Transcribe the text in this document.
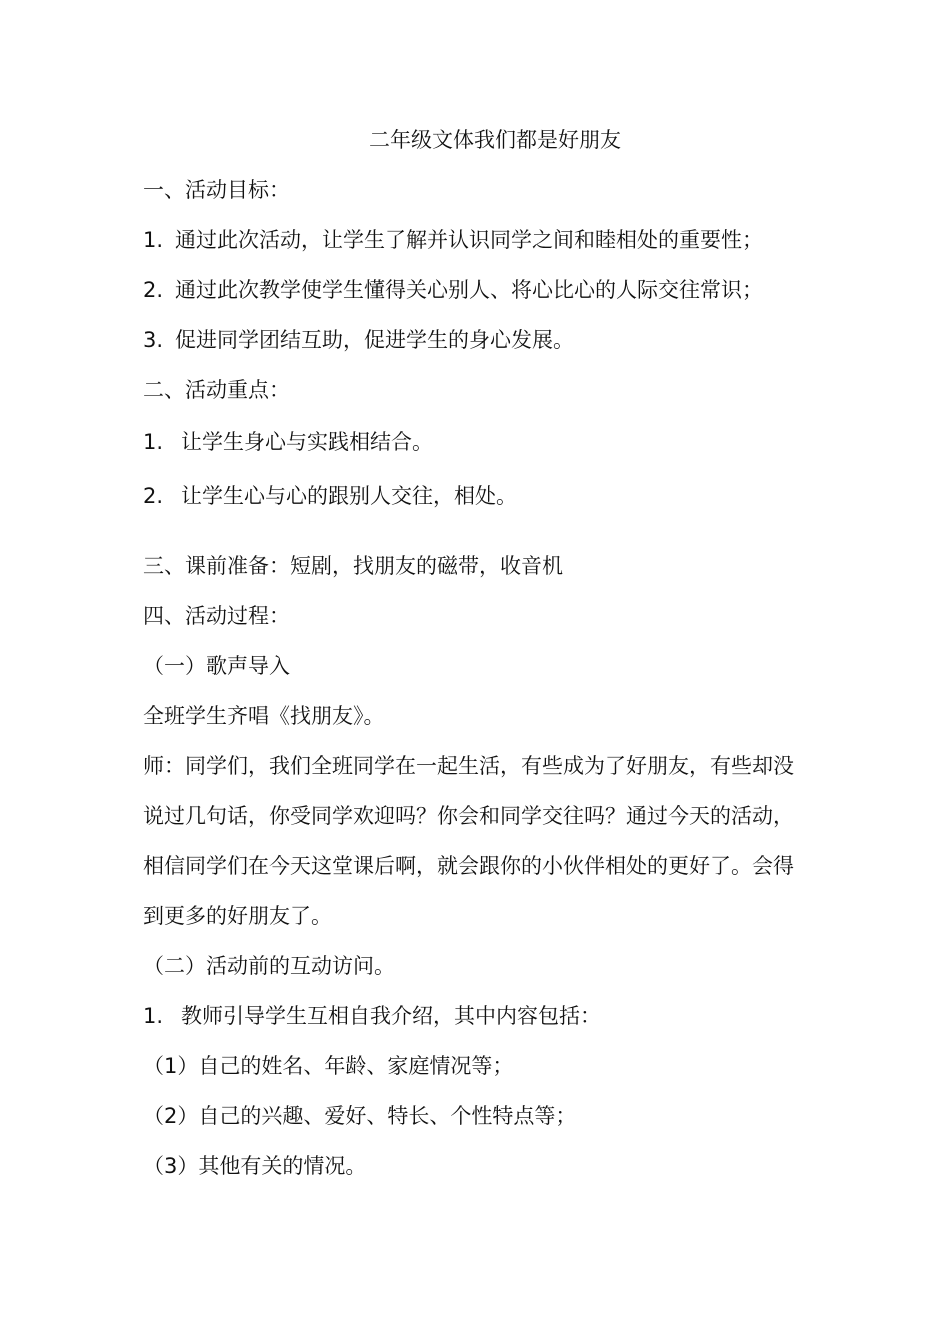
二年级文体我们都是好朋友
一、活动目标：
1. 通过此次活动，让学生了解并认识同学之间和睦相处的重要性；
2. 通过此次教学使学生懂得关心别人、将心比心的人际交往常识；
3. 促进同学团结互助，促进学生的身心发展。
二、活动重点：
1. 让学生身心与实践相结合。
2. 让学生心与心的跟别人交往，相处。
三、课前准备：短剧，找朋友的磁带，收音机
四、活动过程：
（一）歌声导入
全班学生齐唱《找朋友》。
师：同学们，我们全班同学在一起生活，有些成为了好朋友，有些却没
说过几句话，你受同学欢迎吗？你会和同学交往吗？通过今天的活动，
相信同学们在今天这堂课后啊，就会跟你的小伙伴相处的更好了。会得
到更多的好朋友了。
（二）活动前的互动访问。
1. 教师引导学生互相自我介绍，其中内容包括：
（1）自己的姓名、年龄、家庭情况等；
（2）自己的兴趣、爱好、特长、个性特点等；
（3）其他有关的情况。
